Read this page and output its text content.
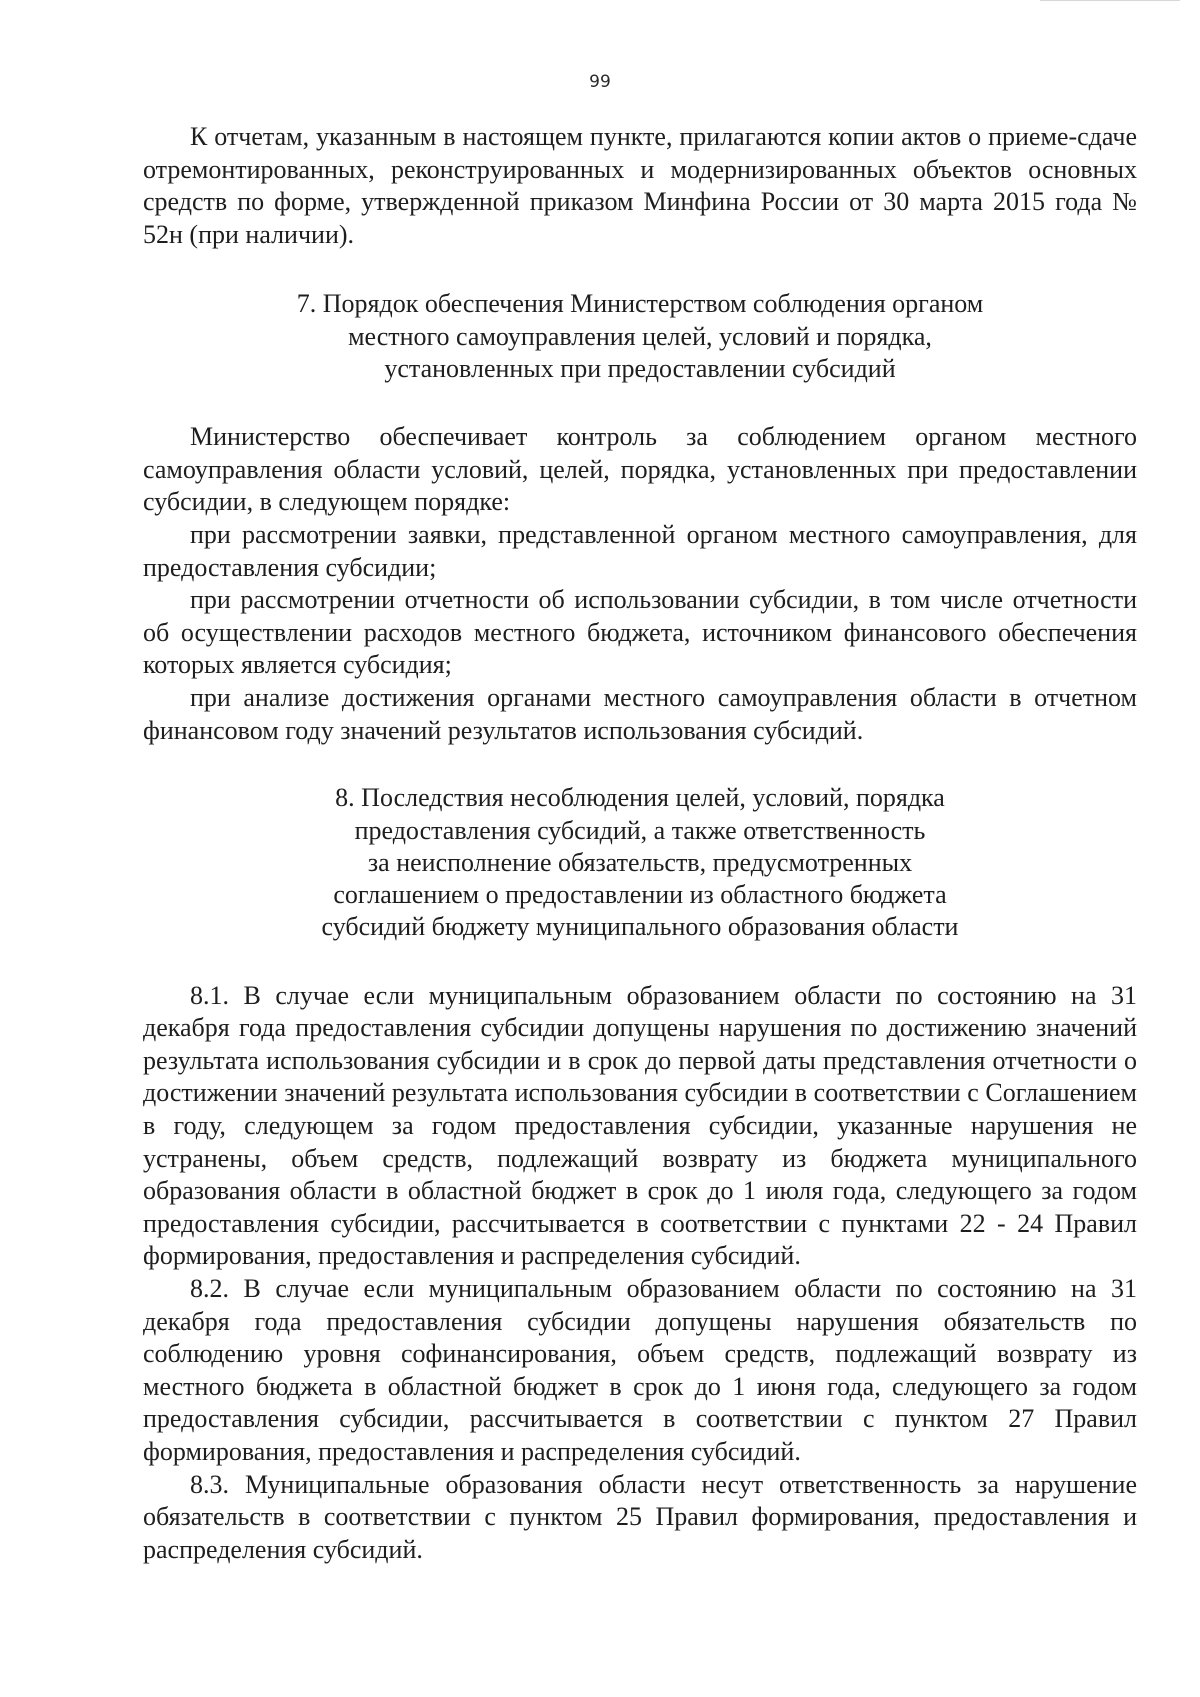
99

К отчетам, указанным в настоящем пункте, прилагаются копии актов о приеме-сдаче отремонтированных, реконструированных и модернизированных объектов основных средств по форме, утвержденной приказом Минфина России от 30 марта 2015 года № 52н (при наличии).

7. Порядок обеспечения Министерством соблюдения органом
местного самоуправления целей, условий и порядка,
установленных при предоставлении субсидий

Министерство обеспечивает контроль за соблюдением органом местного самоуправления области условий, целей, порядка, установленных при предоставлении субсидии, в следующем порядке:

при рассмотрении заявки, представленной органом местного самоуправления, для предоставления субсидии;

при рассмотрении отчетности об использовании субсидии, в том числе отчетности об осуществлении расходов местного бюджета, источником финансового обеспечения которых является субсидия;

при анализе достижения органами местного самоуправления области в отчетном финансовом году значений результатов использования субсидий.

8. Последствия несоблюдения целей, условий, порядка
предоставления субсидий, а также ответственность
за неисполнение обязательств, предусмотренных
соглашением о предоставлении из областного бюджета
субсидий бюджету муниципального образования области

8.1. В случае если муниципальным образованием области по состоянию на 31 декабря года предоставления субсидии допущены нарушения по достижению значений результата использования субсидии и в срок до первой даты представления отчетности о достижении значений результата использования субсидии в соответствии с Соглашением в году, следующем за годом предоставления субсидии, указанные нарушения не устранены, объем средств, подлежащий возврату из бюджета муниципального образования области в областной бюджет в срок до 1 июля года, следующего за годом предоставления субсидии, рассчитывается в соответствии с пунктами 22 - 24 Правил формирования, предоставления и распределения субсидий.

8.2. В случае если муниципальным образованием области по состоянию на 31 декабря года предоставления субсидии допущены нарушения обязательств по соблюдению уровня софинансирования, объем средств, подлежащий возврату из местного бюджета в областной бюджет в срок до 1 июня года, следующего за годом предоставления субсидии, рассчитывается в соответствии с пунктом 27 Правил формирования, предоставления и распределения субсидий.

8.3. Муниципальные образования области несут ответственность за нарушение обязательств в соответствии с пунктом 25 Правил формирования, предоставления и распределения субсидий.
